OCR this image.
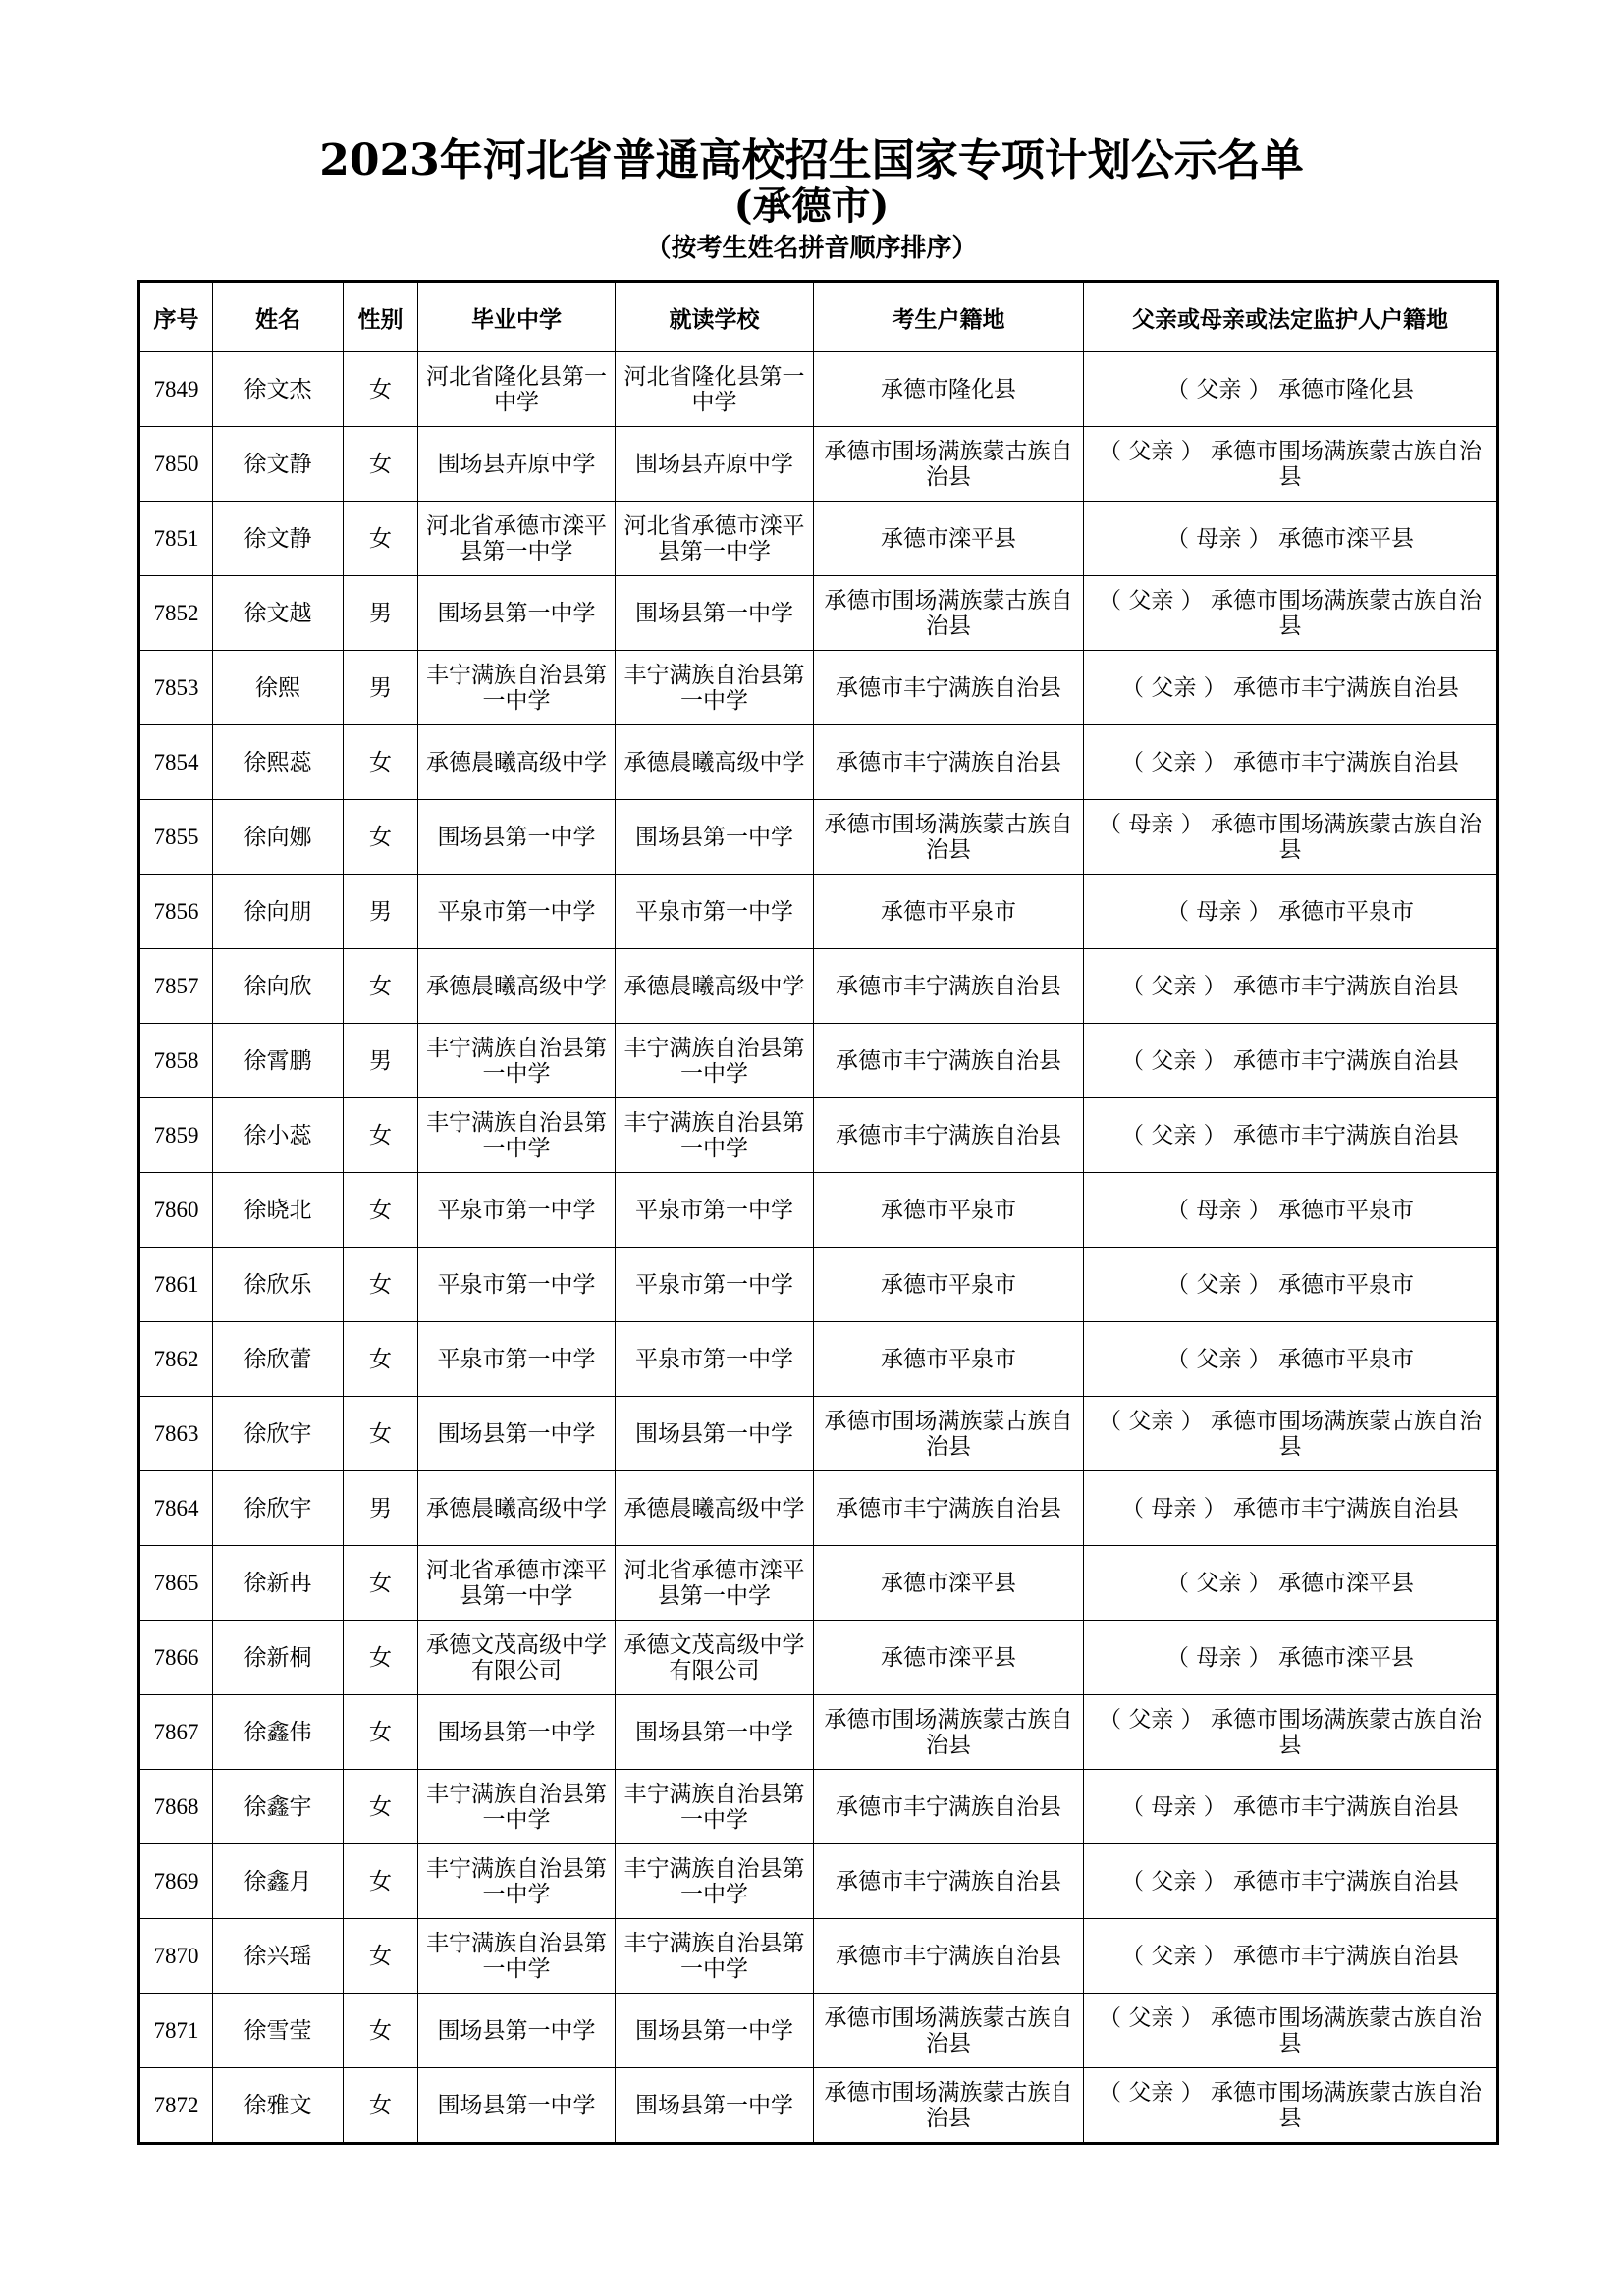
2023年河北省普通高校招生国家专项计划公示名单
(承德市)
（按考生姓名拼音顺序排序）
序号	姓名	性别	毕业中学	就读学校	考生户籍地	父亲或母亲或法定监护人户籍地
7849	徐文杰	女	河北省隆化县第一中学	河北省隆化县第一中学	承德市隆化县	（ 父亲 ） 承德市隆化县
7850	徐文静	女	围场县卉原中学	围场县卉原中学	承德市围场满族蒙古族自治县	（ 父亲 ） 承德市围场满族蒙古族自治县
7851	徐文静	女	河北省承德市滦平县第一中学	河北省承德市滦平县第一中学	承德市滦平县	（ 母亲 ） 承德市滦平县
7852	徐文越	男	围场县第一中学	围场县第一中学	承德市围场满族蒙古族自治县	（ 父亲 ） 承德市围场满族蒙古族自治县
7853	徐熙	男	丰宁满族自治县第一中学	丰宁满族自治县第一中学	承德市丰宁满族自治县	（ 父亲 ） 承德市丰宁满族自治县
7854	徐熙蕊	女	承德晨曦高级中学	承德晨曦高级中学	承德市丰宁满族自治县	（ 父亲 ） 承德市丰宁满族自治县
7855	徐向娜	女	围场县第一中学	围场县第一中学	承德市围场满族蒙古族自治县	（ 母亲 ） 承德市围场满族蒙古族自治县
7856	徐向朋	男	平泉市第一中学	平泉市第一中学	承德市平泉市	（ 母亲 ） 承德市平泉市
7857	徐向欣	女	承德晨曦高级中学	承德晨曦高级中学	承德市丰宁满族自治县	（ 父亲 ） 承德市丰宁满族自治县
7858	徐霄鹏	男	丰宁满族自治县第一中学	丰宁满族自治县第一中学	承德市丰宁满族自治县	（ 父亲 ） 承德市丰宁满族自治县
7859	徐小蕊	女	丰宁满族自治县第一中学	丰宁满族自治县第一中学	承德市丰宁满族自治县	（ 父亲 ） 承德市丰宁满族自治县
7860	徐晓北	女	平泉市第一中学	平泉市第一中学	承德市平泉市	（ 母亲 ） 承德市平泉市
7861	徐欣乐	女	平泉市第一中学	平泉市第一中学	承德市平泉市	（ 父亲 ） 承德市平泉市
7862	徐欣蕾	女	平泉市第一中学	平泉市第一中学	承德市平泉市	（ 父亲 ） 承德市平泉市
7863	徐欣宇	女	围场县第一中学	围场县第一中学	承德市围场满族蒙古族自治县	（ 父亲 ） 承德市围场满族蒙古族自治县
7864	徐欣宇	男	承德晨曦高级中学	承德晨曦高级中学	承德市丰宁满族自治县	（ 母亲 ） 承德市丰宁满族自治县
7865	徐新冉	女	河北省承德市滦平县第一中学	河北省承德市滦平县第一中学	承德市滦平县	（ 父亲 ） 承德市滦平县
7866	徐新桐	女	承德文茂高级中学有限公司	承德文茂高级中学有限公司	承德市滦平县	（ 母亲 ） 承德市滦平县
7867	徐鑫伟	女	围场县第一中学	围场县第一中学	承德市围场满族蒙古族自治县	（ 父亲 ） 承德市围场满族蒙古族自治县
7868	徐鑫宇	女	丰宁满族自治县第一中学	丰宁满族自治县第一中学	承德市丰宁满族自治县	（ 母亲 ） 承德市丰宁满族自治县
7869	徐鑫月	女	丰宁满族自治县第一中学	丰宁满族自治县第一中学	承德市丰宁满族自治县	（ 父亲 ） 承德市丰宁满族自治县
7870	徐兴瑶	女	丰宁满族自治县第一中学	丰宁满族自治县第一中学	承德市丰宁满族自治县	（ 父亲 ） 承德市丰宁满族自治县
7871	徐雪莹	女	围场县第一中学	围场县第一中学	承德市围场满族蒙古族自治县	（ 父亲 ） 承德市围场满族蒙古族自治县
7872	徐雅文	女	围场县第一中学	围场县第一中学	承德市围场满族蒙古族自治县	（ 父亲 ） 承德市围场满族蒙古族自治县
